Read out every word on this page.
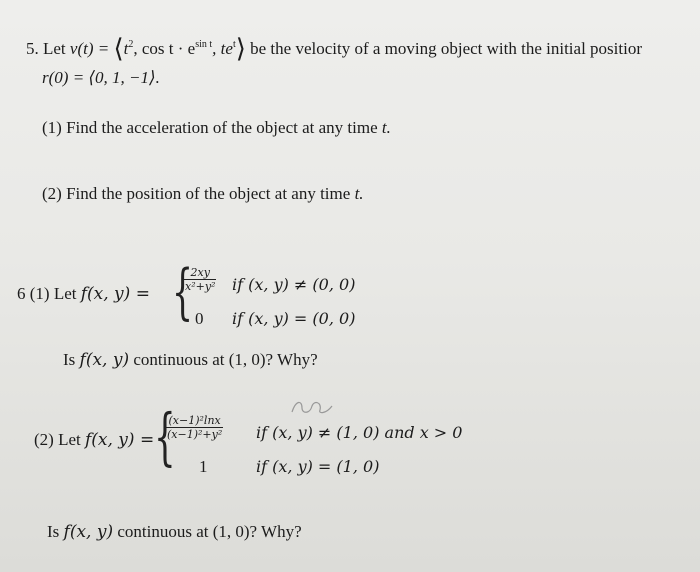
5. Let $v(t) = ⟨t^2$, $\cos t \cdot e^{sin t}$, $te^t⟩$ be the velocity of a moving object with the initial positior
r(0) = ⟨0, 1, −1⟩.
(1) Find the acceleration of the object at any time t.
(2) Find the position of the object at any time t.
6 (1) Let f(x, y) = {
$\frac{2xy}{\text{x²+y²}}$ if (x, y) ≠ (0, 0)
0 if (x, y) = (0, 0)
Is f(x, y) continuous at (1, 0)? Why?
(2) Let f(x, y) = {
$\frac{\text{(x−1)²lnx}}{\text{(x−1)²+y²}}$ if (x, y) ≠ (1, 0) and x > 0
1	if (x, y) = (1, 0)
Is f(x, y) continuous at (1, 0)? Why?
